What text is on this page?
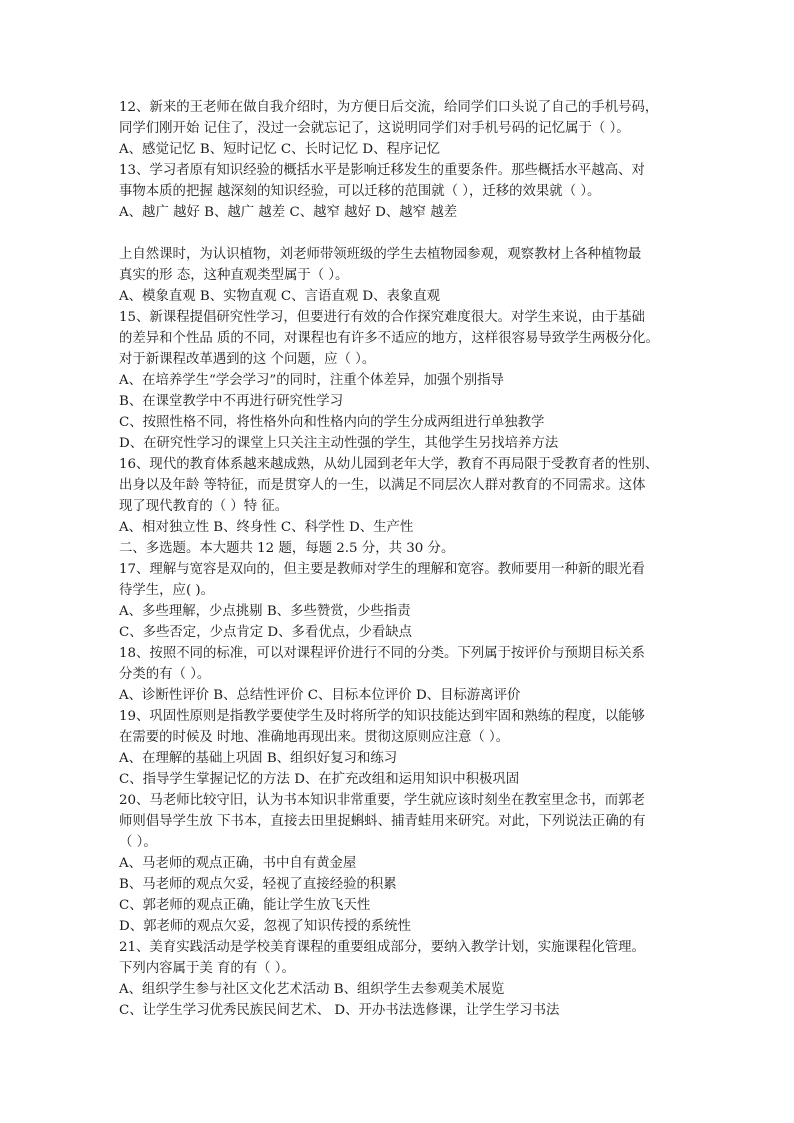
12、新来的王老师在做自我介绍时，为方便日后交流，给同学们口头说了自己的手机号码，
同学们刚开始 记住了，没过一会就忘记了，这说明同学们对手机号码的记忆属于（ ）。
A、感觉记忆 B、短时记忆 C、长时记忆 D、程序记忆
13、学习者原有知识经验的概括水平是影响迁移发生的重要条件。那些概括水平越高、对
事物本质的把握 越深刻的知识经验，可以迁移的范围就（ ），迁移的效果就（ ）。
A、越广 越好 B、越广 越差 C、越窄 越好 D、越窄 越差
上自然课时，为认识植物，刘老师带领班级的学生去植物园参观，观察教材上各种植物最
真实的形 态，这种直观类型属于（ ）。
A、模象直观 B、实物直观 C、言语直观 D、表象直观
15、新课程提倡研究性学习，但要进行有效的合作探究难度很大。对学生来说，由于基础
的差异和个性品 质的不同，对课程也有许多不适应的地方，这样很容易导致学生两极分化。
对于新课程改革遇到的这 个问题，应（ ）。
A、在培养学生“学会学习”的同时，注重个体差异，加强个别指导
B、在课堂教学中不再进行研究性学习
C、按照性格不同，将性格外向和性格内向的学生分成两组进行单独教学
D、在研究性学习的课堂上只关注主动性强的学生，其他学生另找培养方法
16、现代的教育体系越来越成熟，从幼儿园到老年大学，教育不再局限于受教育者的性别、
出身以及年龄 等特征，而是贯穿人的一生，以满足不同层次人群对教育的不同需求。这体
现了现代教育的（ ）特 征。
A、相对独立性 B、终身性 C、科学性 D、生产性
二、多选题。本大题共 12 题，每题 2.5 分，共 30 分。
17、理解与宽容是双向的，但主要是教师对学生的理解和宽容。教师要用一种新的眼光看
待学生，应( )。
A、多些理解，少点挑剔 B、多些赞赏，少些指责
C、多些否定，少点肯定 D、多看优点，少看缺点
18、按照不同的标准，可以对课程评价进行不同的分类。下列属于按评价与预期目标关系
分类的有（ ）。
A、诊断性评价 B、总结性评价 C、目标本位评价 D、目标游离评价
19、巩固性原则是指教学要使学生及时将所学的知识技能达到牢固和熟练的程度，以能够
在需要的时候及 时地、准确地再现出来。贯彻这原则应注意（ ）。
A、在理解的基础上巩固 B、组织好复习和练习
C、指导学生掌握记忆的方法 D、在扩充改组和运用知识中积极巩固
20、马老师比较守旧，认为书本知识非常重要，学生就应该时刻坐在教室里念书，而郭老
师则倡导学生放 下书本，直接去田里捉蝌蚪、捕青蛙用来研究。对此，下列说法正确的有
（ ）。
A、马老师的观点正确，书中自有黄金屋
B、马老师的观点欠妥，轻视了直接经验的积累
C、郭老师的观点正确，能让学生放飞天性
D、郭老师的观点欠妥，忽视了知识传授的系统性
21、美育实践活动是学校美育课程的重要组成部分，要纳入教学计划，实施课程化管理。
下列内容属于美 育的有（ ）。
A、组织学生参与社区文化艺术活动 B、组织学生去参观美术展览
C、让学生学习优秀民族民间艺术、 D、开办书法选修课，让学生学习书法
